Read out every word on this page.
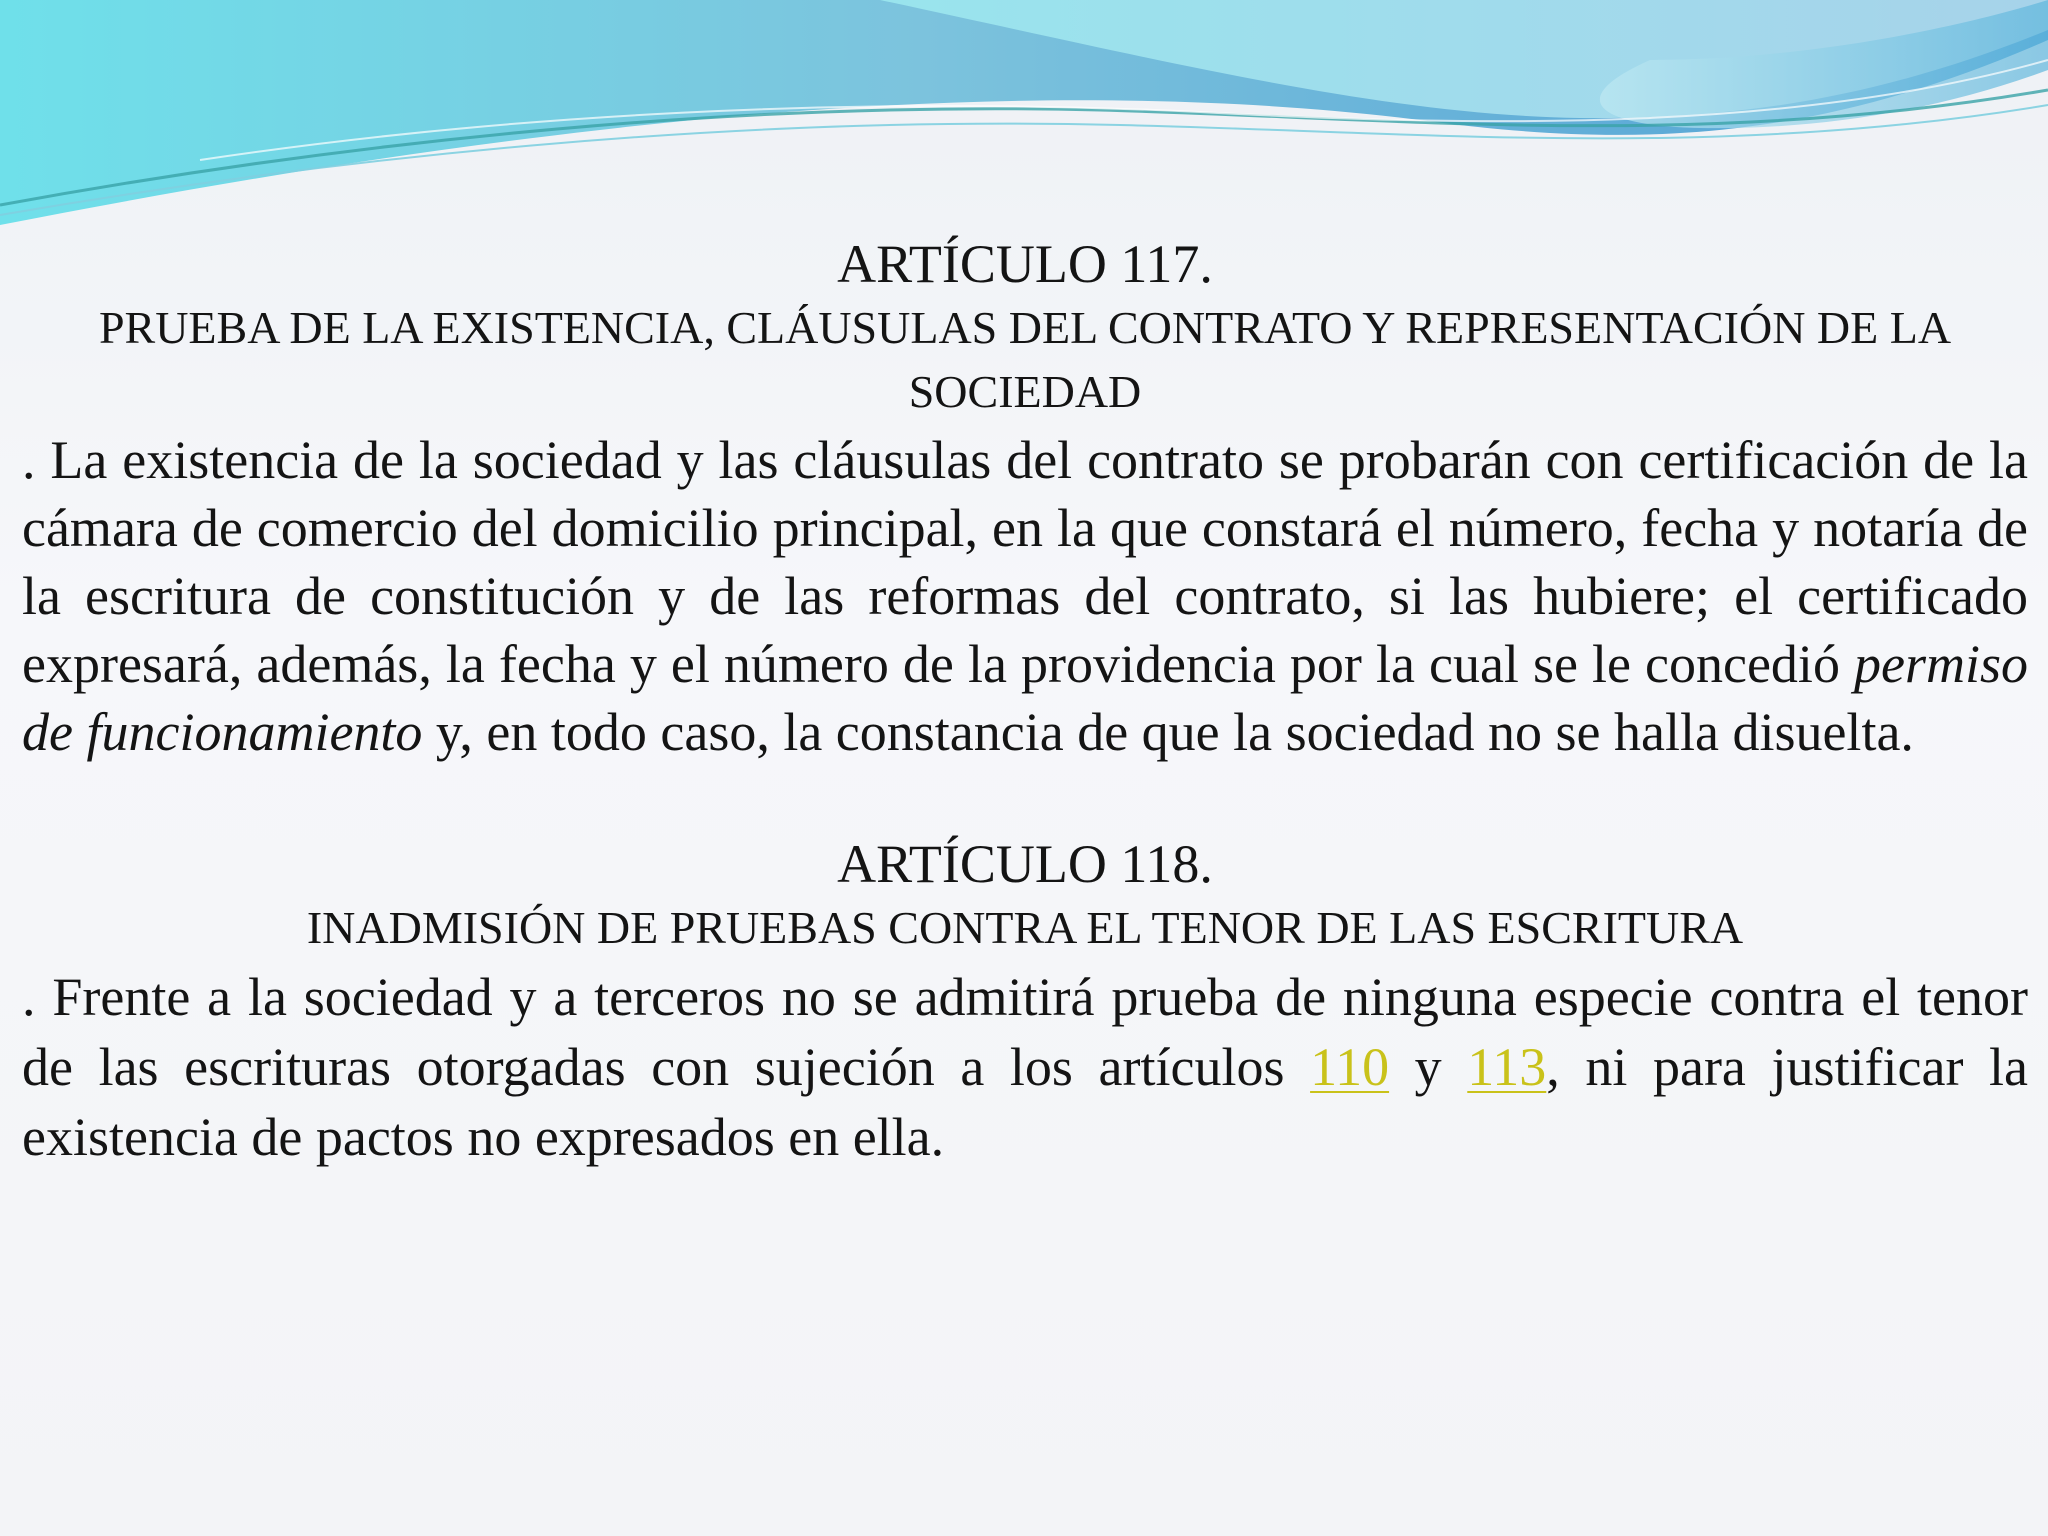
ARTÍCULO 117.
PRUEBA DE LA EXISTENCIA, CLÁUSULAS DEL CONTRATO Y REPRESENTACIÓN DE LA SOCIEDAD

. La existencia de la sociedad y las cláusulas del contrato se probarán con certificación de la cámara de comercio del domicilio principal, en la que constará el número, fecha y notaría de la escritura de constitución y de las reformas del contrato, si las hubiere; el certificado expresará, además, la fecha y el número de la providencia por la cual se le concedió permiso de funcionamiento y, en todo caso, la constancia de que la sociedad no se halla disuelta.

ARTÍCULO 118.
INADMISIÓN DE PRUEBAS CONTRA EL TENOR DE LAS ESCRITURA

. Frente a la sociedad y a terceros no se admitirá prueba de ninguna especie contra el tenor de las escrituras otorgadas con sujeción a los artículos 110 y 113, ni para justificar la existencia de pactos no expresados en ella.
